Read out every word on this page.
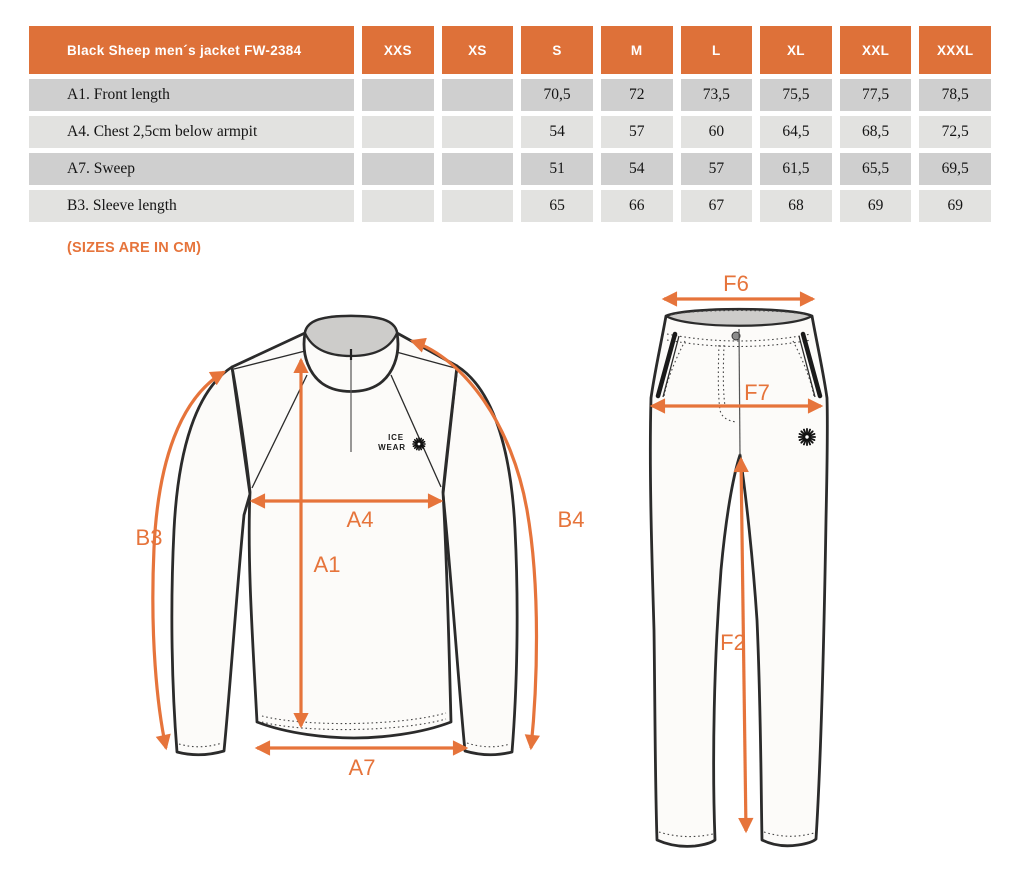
Black Sheep men´s jacket FW-2384	XXS	XS	S	M	L	XL	XXL	XXXL
A1. Front length			70,5	72	73,5	75,5	77,5	78,5
A4. Chest 2,5cm below armpit			54	57	60	64,5	68,5	72,5
A7. Sweep			51	54	57	61,5	65,5	69,5
B3. Sleeve length			65	66	67	68	69	69
(SIZES ARE IN CM)
ICE
WEAR
B3
A4
A1
A7
B4
F6
F7
F2
